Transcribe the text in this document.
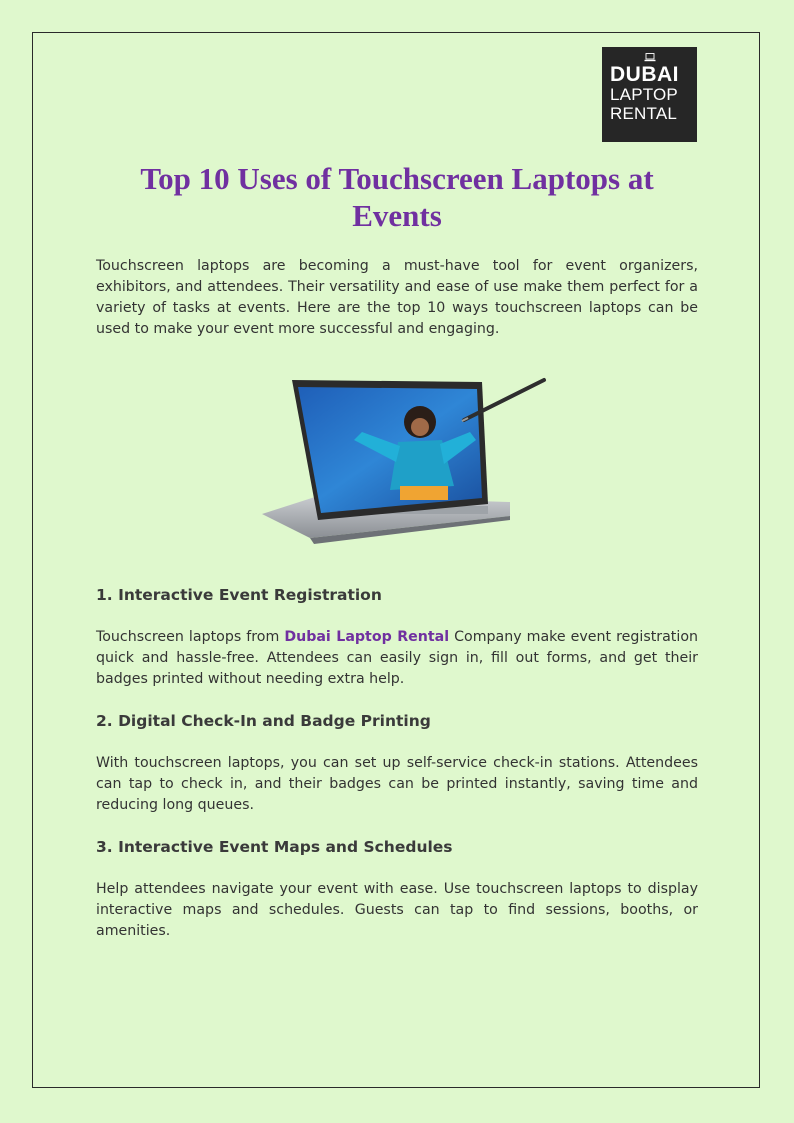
DUBAI
LAPTOP
RENTAL
Top 10 Uses of Touchscreen Laptops at Events

Touchscreen laptops are becoming a must-have tool for event organizers, exhibitors, and attendees. Their versatility and ease of use make them perfect for a variety of tasks at events. Here are the top 10 ways touchscreen laptops can be used to make your event more successful and engaging.

1. Interactive Event Registration

Touchscreen laptops from Dubai Laptop Rental Company make event registration quick and hassle-free. Attendees can easily sign in, fill out forms, and get their badges printed without needing extra help.

2. Digital Check-In and Badge Printing

With touchscreen laptops, you can set up self-service check-in stations. Attendees can tap to check in, and their badges can be printed instantly, saving time and reducing long queues.

3. Interactive Event Maps and Schedules

Help attendees navigate your event with ease. Use touchscreen laptops to display interactive maps and schedules. Guests can tap to find sessions, booths, or amenities.
